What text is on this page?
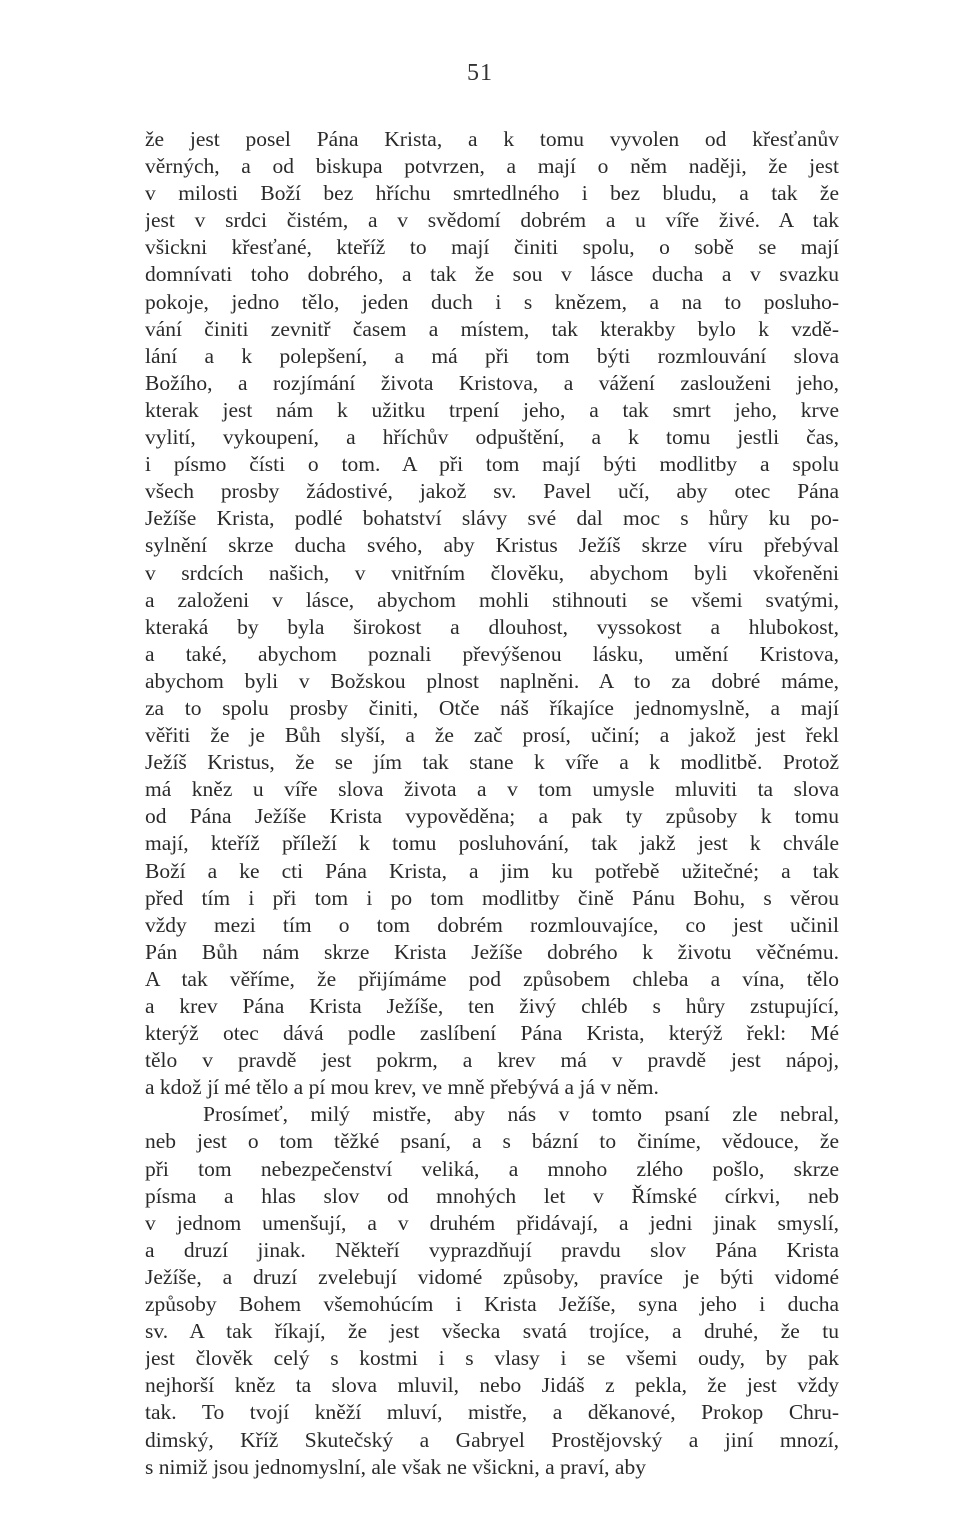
51
že jest posel Pána Krista, a k tomu vyvolen od křesťanův
věrných, a od biskupa potvrzen, a mají o něm naději, že jest
v milosti Boží bez hříchu smrtedlného i bez bludu, a tak že
jest v srdci čistém, a v svědomí dobrém a u víře živé. A tak
všickni křesťané, kteříž to mají činiti spolu, o sobě se mají
domnívati toho dobrého, a tak že sou v lásce ducha a v svazku
pokoje, jedno tělo, jeden duch i s knězem, a na to posluho-
vání činiti zevnitř časem a místem, tak kterakby bylo k vzdě-
lání a k polepšení, a má při tom býti rozmlouvání slova
Božího, a rozjímání života Kristova, a vážení zaslouženi jeho,
kterak jest nám k užitku trpení jeho, a tak smrt jeho, krve
vylití, vykoupení, a hříchův odpuštění, a k tomu jestli čas,
i písmo čísti o tom. A při tom mají býti modlitby a spolu
všech prosby žádostivé, jakož sv. Pavel učí, aby otec Pána
Ježíše Krista, podlé bohatství slávy své dal moc s hůry ku po-
sylnění skrze ducha svého, aby Kristus Ježíš skrze víru přebýval
v srdcích našich, v vnitřním člověku, abychom byli vkořeněni
a založeni v lásce, abychom mohli stihnouti se všemi svatými,
kteraká by byla širokost a dlouhost, vyssokost a hlubokost,
a také, abychom poznali převýšenou lásku, umění Kristova,
abychom byli v Božskou plnost naplněni. A to za dobré máme,
za to spolu prosby činiti, Otče náš říkajíce jednomyslně, a mají
věřiti že je Bůh slyší, a že zač prosí, učiní; a jakož jest řekl
Ježíš Kristus, že se jím tak stane k víře a k modlitbě. Protož
má kněz u víře slova života a v tom umysle mluviti ta slova
od Pána Ježíše Krista vypověděna; a pak ty způsoby k tomu
mají, kteříž příleží k tomu posluhování, tak jakž jest k chvále
Boží a ke cti Pána Krista, a jim ku potřebě užitečné; a tak
před tím i při tom i po tom modlitby čině Pánu Bohu, s věrou
vždy mezi tím o tom dobrém rozmlouvajíce, co jest učinil
Pán Bůh nám skrze Krista Ježíše dobrého k životu věčnému.
A tak věříme, že přijímáme pod způsobem chleba a vína, tělo
a krev Pána Krista Ježíše, ten živý chléb s hůry zstupující,
kterýž otec dává podle zaslíbení Pána Krista, kterýž řekl: Mé
tělo v pravdě jest pokrm, a krev má v pravdě jest nápoj,
a kdož jí mé tělo a pí mou krev, ve mně přebývá a já v něm.
Prosímeť, milý mistře, aby nás v tomto psaní zle nebral,
neb jest o tom těžké psaní, a s bázní to činíme, vědouce, že
při tom nebezpečenství veliká, a mnoho zlého pošlo, skrze
písma a hlas slov od mnohých let v Římské církvi, neb
v jednom umenšují, a v druhém přidávají, a jedni jinak smyslí,
a druzí jinak. Někteří vyprazdňují pravdu slov Pána Krista
Ježíše, a druzí zvelebují vidomé způsoby, pravíce je býti vidomé
způsoby Bohem všemohúcím i Krista Ježíše, syna jeho i ducha
sv. A tak říkají, že jest všecka svatá trojíce, a druhé, že tu
jest člověk celý s kostmi i s vlasy i se všemi oudy, by pak
nejhorší kněz ta slova mluvil, nebo Jidáš z pekla, že jest vždy
tak. To tvojí kněží mluví, mistře, a děkanové, Prokop Chru-
dimský, Kříž Skutečský a Gabryel Prostějovský a jiní mnozí,
s nimiž jsou jednomyslní, ale však ne všickni, a praví, aby
